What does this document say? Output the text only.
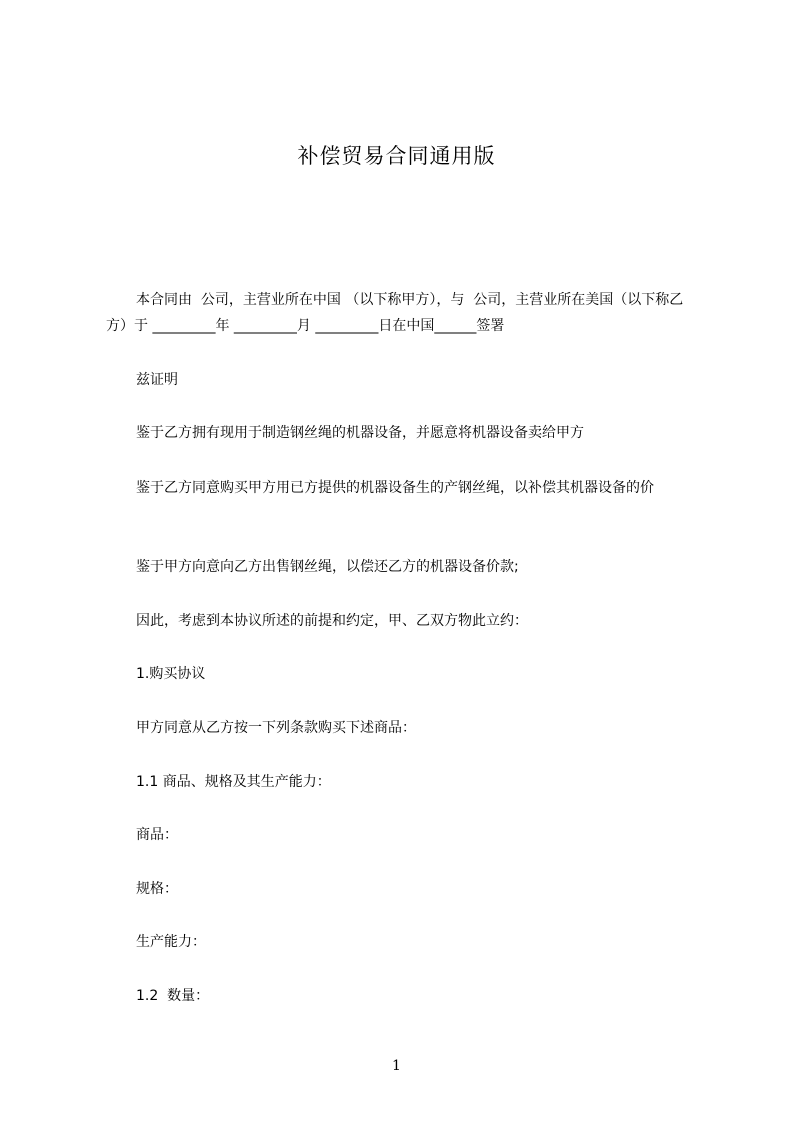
补偿贸易合同通用版
本合同由  公司，主营业所在中国 （以下称甲方），与  公司，主营业所在美国（以下称乙方）于 _________年 _________月 _________日在中国______签署
兹证明
鉴于乙方拥有现用于制造钢丝绳的机器设备，并愿意将机器设备卖给甲方
鉴于乙方同意购买甲方用已方提供的机器设备生的产钢丝绳，以补偿其机器设备的价
鉴于甲方向意向乙方出售钢丝绳，以偿还乙方的机器设备价款;
因此，考虑到本协议所述的前提和约定，甲、乙双方物此立约：
1.购买协议
甲方同意从乙方按一下列条款购买下述商品：
1.1 商品、规格及其生产能力：
商品：
规格：
生产能力：
1.2  数量：
1
